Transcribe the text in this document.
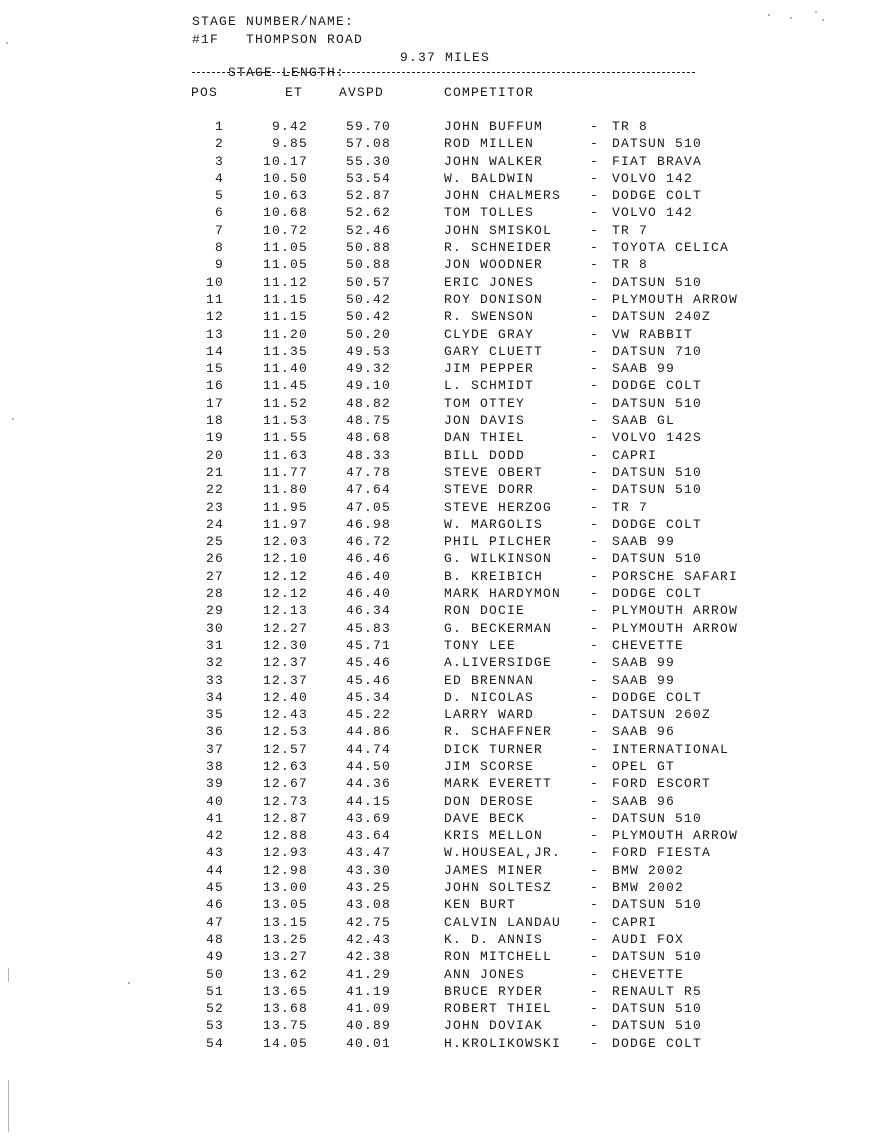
STAGE NUMBER/NAME:
#1F   THOMPSON ROAD

STAGE LENGTH:

9.37 MILES

POS	ET	AVSPD	COMPETITOR
1	9.42	59.70	JOHN BUFFUM	- TR 8
2	9.85	57.08	ROD MILLEN	- DATSUN 510
3	10.17	55.30	JOHN WALKER	- FIAT BRAVA
4	10.50	53.54	W. BALDWIN	- VOLVO 142
5	10.63	52.87	JOHN CHALMERS - DODGE COLT
6	10.68	52.62	TOM TOLLES	- VOLVO 142
7	10.72	52.46	JOHN SMISKOL	- TR 7
8	11.05	50.88	R. SCHNEIDER	- TOYOTA CELICA
9	11.05	50.88	JON WOODNER	- TR 8
10	11.12	50.57	ERIC JONES	- DATSUN 510
11	11.15	50.42	ROY DONISON	- PLYMOUTH ARROW
12	11.15	50.42	R. SWENSON	- DATSUN 240Z
13	11.20	50.20	CLYDE GRAY	- VW RABBIT
14	11.35	49.53	GARY CLUETT	- DATSUN 710
15	11.40	49.32	JIM PEPPER	- SAAB 99
16	11.45	49.10	L. SCHMIDT	- DODGE COLT
17	11.52	48.82	TOM OTTEY	- DATSUN 510
18	11.53	48.75	JON DAVIS	- SAAB GL
19	11.55	48.68	DAN THIEL	- VOLVO 142S
20	11.63	48.33	BILL DODD	- CAPRI
21	11.77	47.78	STEVE OBERT	- DATSUN 510
22	11.80	47.64	STEVE DORR	- DATSUN 510
23	11.95	47.05	STEVE HERZOG	- TR 7
24	11.97	46.98	W. MARGOLIS	- DODGE COLT
25	12.03	46.72	PHIL PILCHER	- SAAB 99
26	12.10	46.46	G. WILKINSON	- DATSUN 510
27	12.12	46.40	B. KREIBICH	- PORSCHE SAFARI
28	12.12	46.40	MARK HARDYMON - DODGE COLT
29	12.13	46.34	RON DOCIE	- PLYMOUTH ARROW
30	12.27	45.83	G. BECKERMAN	- PLYMOUTH ARROW
31	12.30	45.71	TONY LEE	- CHEVETTE
32	12.37	45.46	A.LIVERSIDGE	- SAAB 99
33	12.37	45.46	ED BRENNAN	- SAAB 99
34	12.40	45.34	D. NICOLAS	- DODGE COLT
35	12.43	45.22	LARRY WARD	- DATSUN 260Z
36	12.53	44.86	R. SCHAFFNER	- SAAB 96
37	12.57	44.74	DICK TURNER	- INTERNATIONAL
38	12.63	44.50	JIM SCORSE	- OPEL GT
39	12.67	44.36	MARK EVERETT	- FORD ESCORT
40	12.73	44.15	DON DEROSE	- SAAB 96
41	12.87	43.69	DAVE BECK	- DATSUN 510
42	12.88	43.64	KRIS MELLON	- PLYMOUTH ARROW
43	12.93	43.47	W.HOUSEAL,JR. - FORD FIESTA
44	12.98	43.30	JAMES MINER	- BMW 2002
45	13.00	43.25	JOHN SOLTESZ	- BMW 2002
46	13.05	43.08	KEN BURT	- DATSUN 510
47	13.15	42.75	CALVIN LANDAU - CAPRI
48	13.25	42.43	K. D. ANNIS	- AUDI FOX
49	13.27	42.38	RON MITCHELL	- DATSUN 510
50	13.62	41.29	ANN JONES	- CHEVETTE
51	13.65	41.19	BRUCE RYDER	- RENAULT R5
52	13.68	41.09	ROBERT THIEL	- DATSUN 510
53	13.75	40.89	JOHN DOVIAK	- DATSUN 510
54	14.05	40.01	H.KROLIKOWSKI - DODGE COLT
